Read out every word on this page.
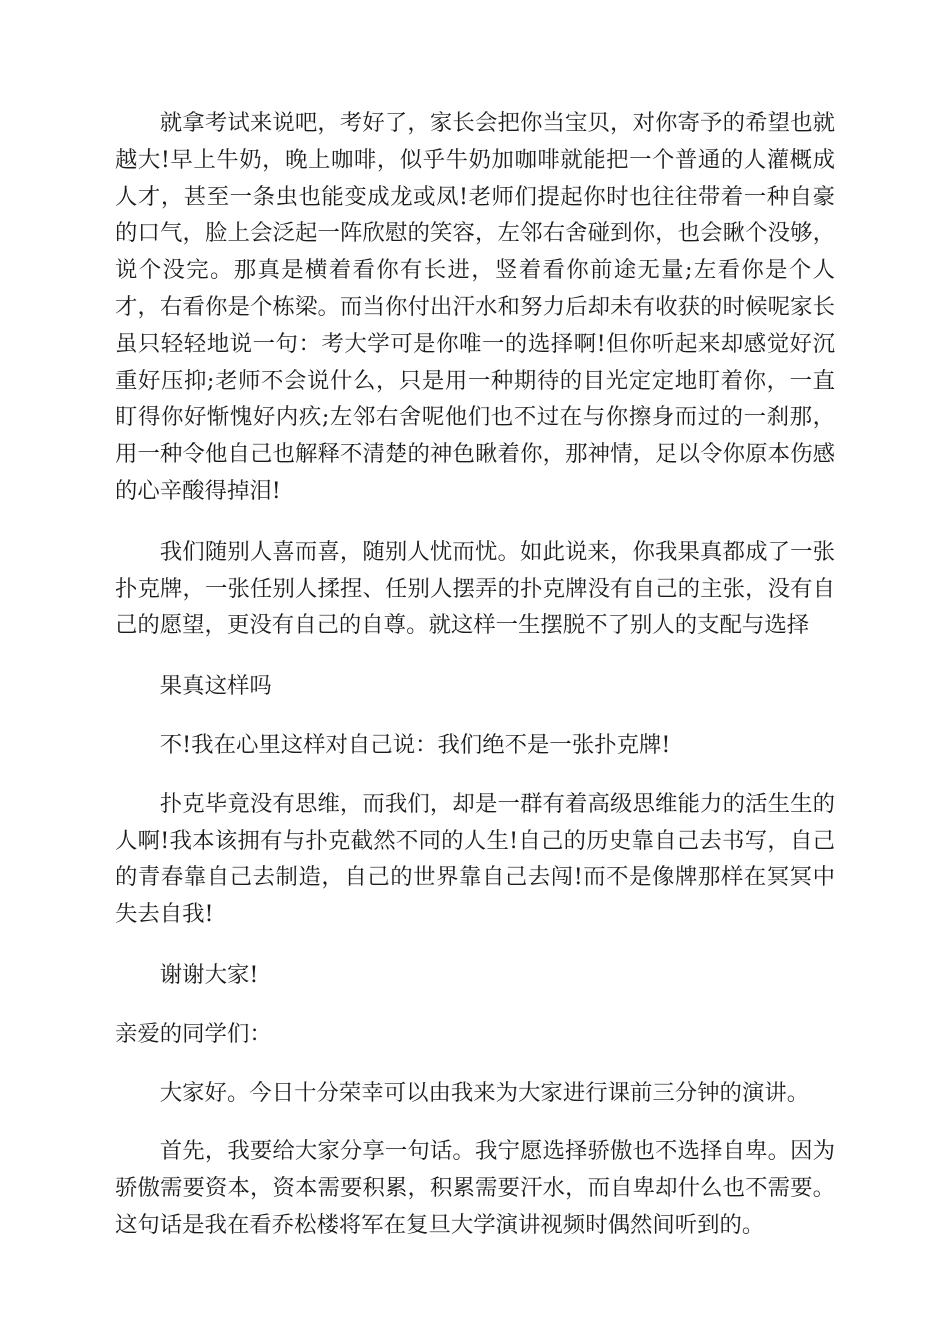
就拿考试来说吧，考好了，家长会把你当宝贝，对你寄予的希望也就越大!早上牛奶，晚上咖啡，似乎牛奶加咖啡就能把一个普通的人灌概成人才，甚至一条虫也能变成龙或凤!老师们提起你时也往往带着一种自豪的口气，脸上会泛起一阵欣慰的笑容，左邻右舍碰到你，也会瞅个没够，说个没完。那真是横着看你有长进，竖着看你前途无量;左看你是个人才，右看你是个栋梁。而当你付出汗水和努力后却未有收获的时候呢家长虽只轻轻地说一句：考大学可是你唯一的选择啊!但你听起来却感觉好沉重好压抑;老师不会说什么，只是用一种期待的目光定定地盯着你，一直盯得你好惭愧好内疚;左邻右舍呢他们也不过在与你擦身而过的一刹那，用一种令他自己也解释不清楚的神色瞅着你，那神情，足以令你原本伤感的心辛酸得掉泪!

我们随别人喜而喜，随别人忧而忧。如此说来，你我果真都成了一张扑克牌，一张任别人揉捏、任别人摆弄的扑克牌没有自己的主张，没有自己的愿望，更没有自己的自尊。就这样一生摆脱不了别人的支配与选择

果真这样吗

不!我在心里这样对自己说：我们绝不是一张扑克牌!

扑克毕竟没有思维，而我们，却是一群有着高级思维能力的活生生的人啊!我本该拥有与扑克截然不同的人生!自己的历史靠自己去书写，自己的青春靠自己去制造，自己的世界靠自己去闯!而不是像牌那样在冥冥中失去自我!

谢谢大家!

亲爱的同学们：

大家好。今日十分荣幸可以由我来为大家进行课前三分钟的演讲。

首先，我要给大家分享一句话。我宁愿选择骄傲也不选择自卑。因为骄傲需要资本，资本需要积累，积累需要汗水，而自卑却什么也不需要。这句话是我在看乔松楼将军在复旦大学演讲视频时偶然间听到的。
